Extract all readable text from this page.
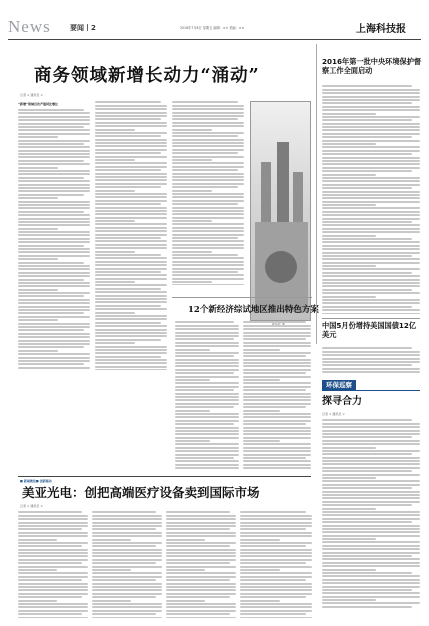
News	要闻丨2	2016年7月8日 星期五 编辑：×× 美编：××	上海科技报
商务领域新增长动力“涌动”
记者 × 通讯员 ×
“新增”领域首次产值同比增长
12个新经济综试地区推出特色方案
2016年第一批中央环境保护督察工作全面启动
中国5月份增持美国国债12亿美元
环保巡察
探寻合力
记者 × 通讯员 ×
■ 新闻聚焦■ 创新驱动
美亚光电：创把高端医疗设备卖到国际市场
记者 × 通讯员 ×
